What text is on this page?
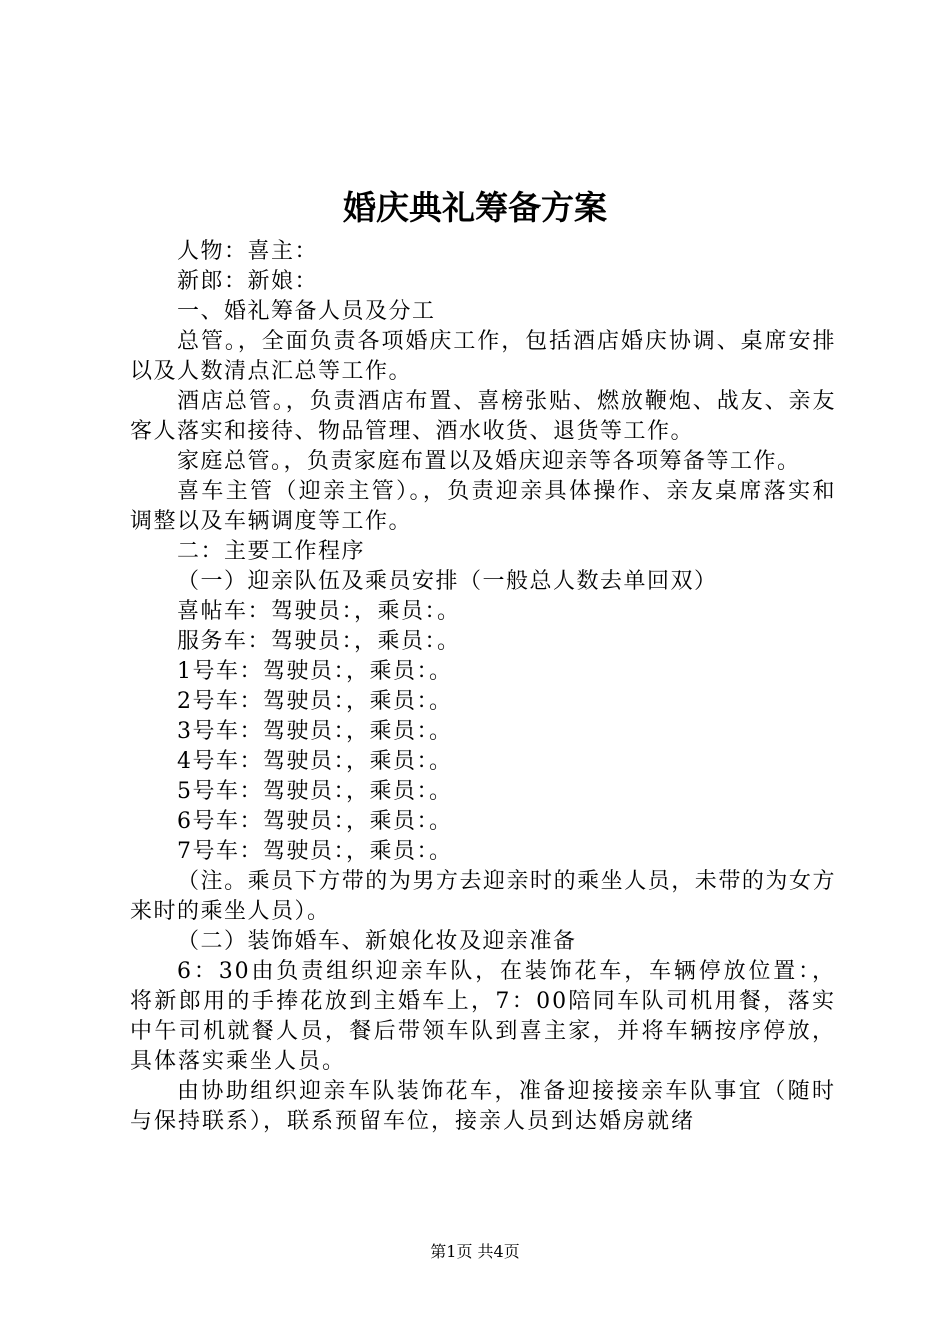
婚庆典礼筹备方案

人物：喜主：

新郎：新娘：

一、婚礼筹备人员及分工

总管。，全面负责各项婚庆工作，包括酒店婚庆协调、桌席安排以及人数清点汇总等工作。

酒店总管。，负责酒店布置、喜榜张贴、燃放鞭炮、战友、亲友客人落实和接待、物品管理、酒水收货、退货等工作。

家庭总管。，负责家庭布置以及婚庆迎亲等各项筹备等工作。

喜车主管（迎亲主管）。，负责迎亲具体操作、亲友桌席落实和调整以及车辆调度等工作。

二：主要工作程序

（一）迎亲队伍及乘员安排（一般总人数去单回双）

喜帖车：驾驶员：，乘员：。

服务车：驾驶员：，乘员：。

1号车：驾驶员：，乘员：。

2号车：驾驶员：，乘员：。

3号车：驾驶员：，乘员：。

4号车：驾驶员：，乘员：。

5号车：驾驶员：，乘员：。

6号车：驾驶员：，乘员：。

7号车：驾驶员：，乘员：。

（注。乘员下方带的为男方去迎亲时的乘坐人员，未带的为女方来时的乘坐人员）。

（二）装饰婚车、新娘化妆及迎亲准备

6：30由负责组织迎亲车队，在装饰花车，车辆停放位置：，将新郎用的手捧花放到主婚车上，7：00陪同车队司机用餐，落实中午司机就餐人员，餐后带领车队到喜主家，并将车辆按序停放，具体落实乘坐人员。

由协助组织迎亲车队装饰花车，准备迎接接亲车队事宜（随时与保持联系），联系预留车位，接亲人员到达婚房就绪

第1页 共4页
